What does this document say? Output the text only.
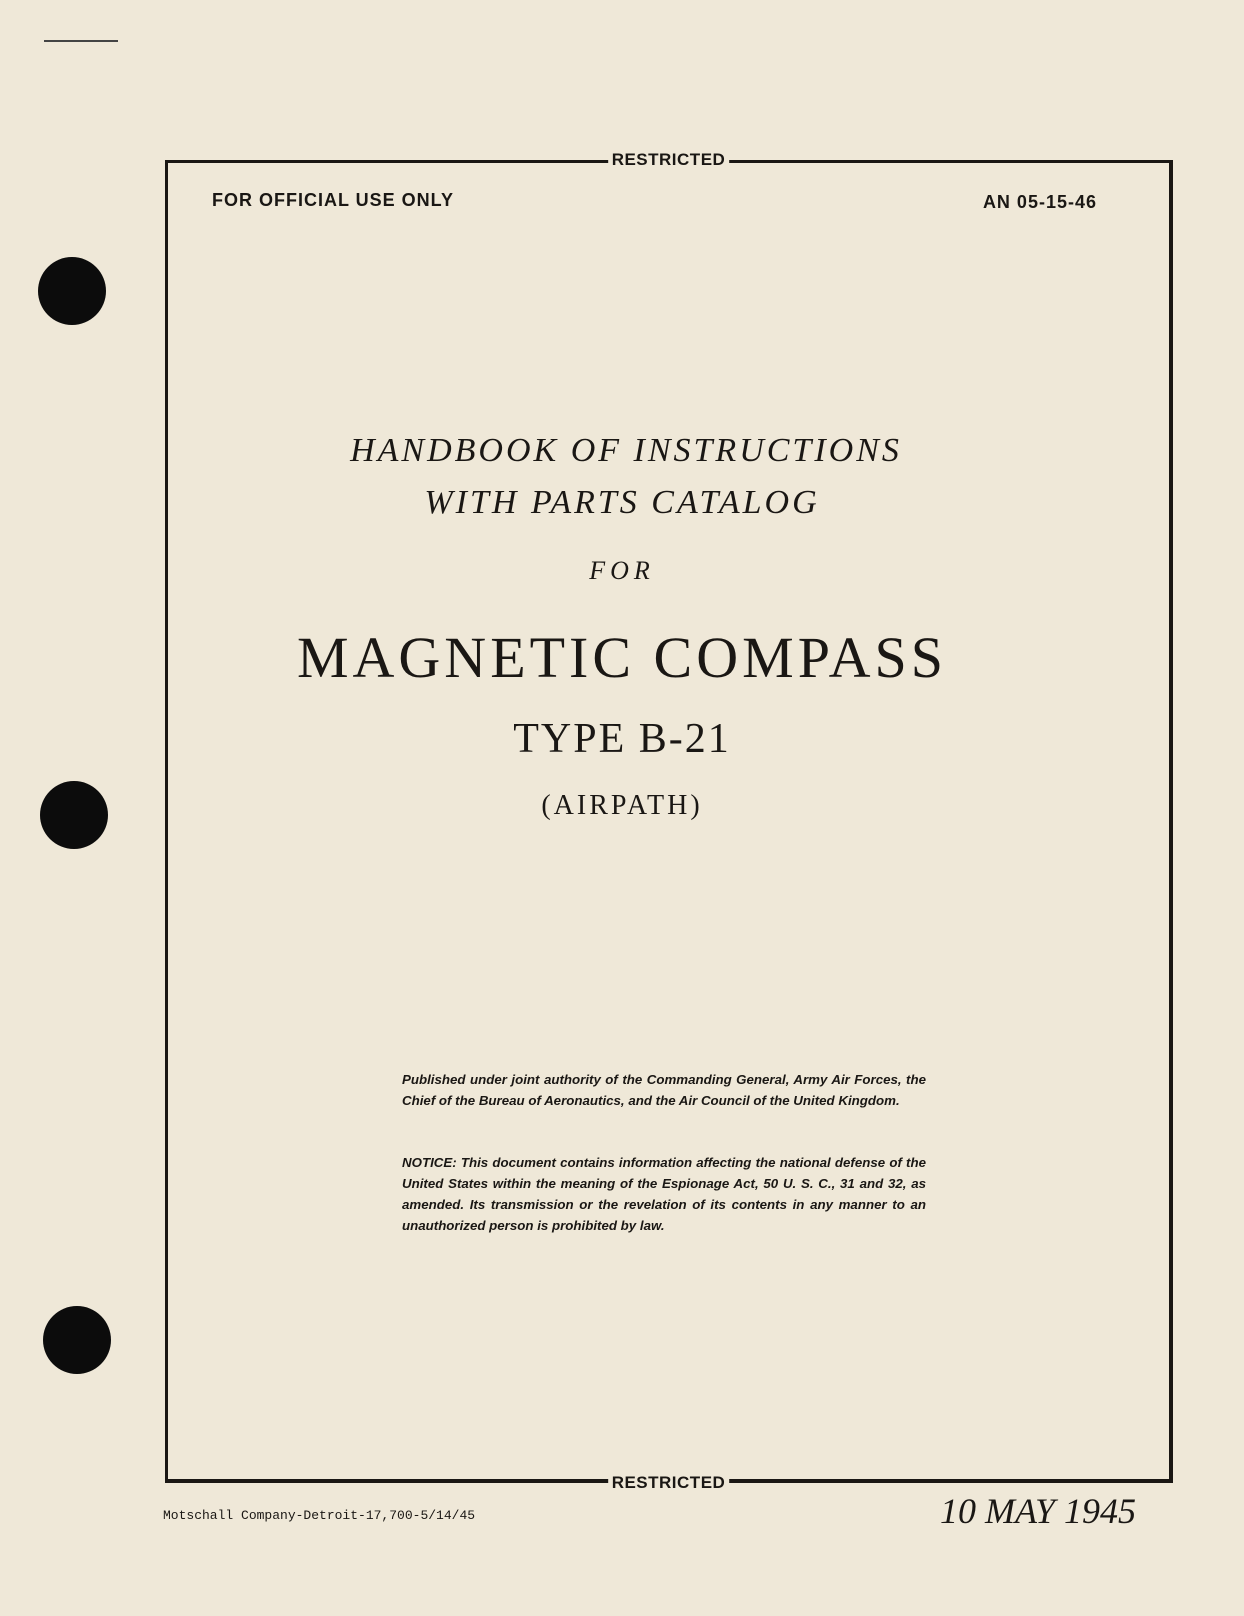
RESTRICTED
FOR OFFICIAL USE ONLY	AN 05-15-46
RESTRICTED
HANDBOOK OF INSTRUCTIONS
WITH PARTS CATALOG
FOR
MAGNETIC COMPASS
TYPE B-21
(AIRPATH)
Published under joint authority of the Commanding General, Army Air Forces, the Chief of the Bureau of Aeronautics, and the Air Council of the United Kingdom.
NOTICE: This document contains information affecting the national defense of the United States within the meaning of the Espionage Act, 50 U. S. C., 31 and 32, as amended. Its transmission or the revelation of its contents in any manner to an unauthorized person is prohibited by law.
Motschall Company-Detroit-17,700-5/14/45	10 MAY 1945
